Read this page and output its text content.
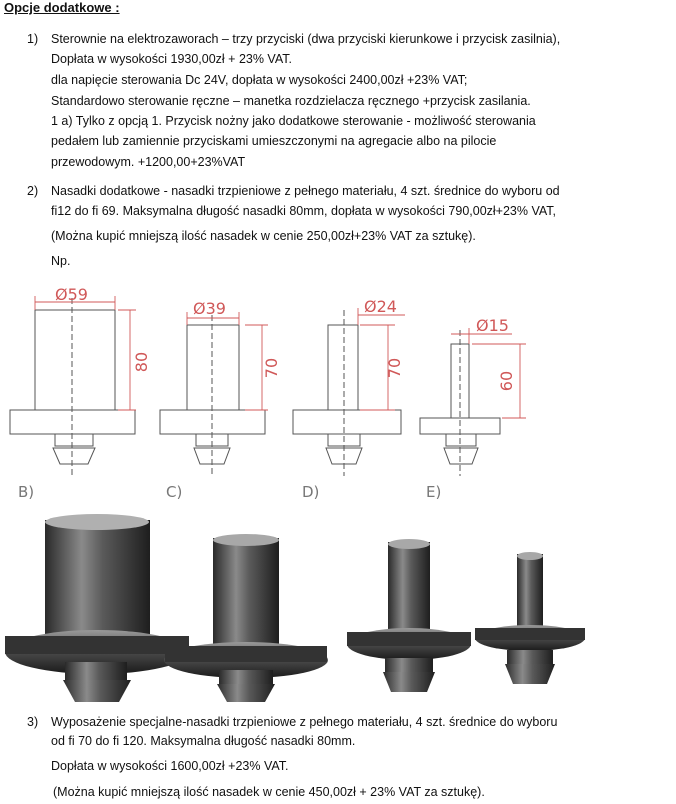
Opcje dodatkowe :
1) Sterownie na elektrozaworach – trzy przyciski (dwa przyciski kierunkowe i przycisk zasilnia),
Dopłata w wysokości 1930,00zł + 23% VAT.
dla napięcie sterowania Dc 24V, dopłata w wysokości 2400,00zł +23% VAT;
Standardowo sterowanie ręczne – manetka rozdzielacza ręcznego +przycisk zasilania.
1 a) Tylko z opcją 1. Przycisk nożny jako dodatkowe sterowanie - możliwość sterowania
pedałem lub zamiennie przyciskami umieszczonymi na agregacie albo na pilocie
przewodowym. +1200,00+23%VAT
2) Nasadki dodatkowe - nasadki trzpieniowe z pełnego materiału, 4 szt. średnice do wyboru od
fi12 do fi 69. Maksymalna długość nasadki 80mm, dopłata w wysokości 790,00zł+23% VAT,
(Można kupić mniejszą ilość nasadek w cenie 250,00zł+23% VAT za sztukę).
Np.
Ø59
80
B)
Ø39
70
C)
Ø24
70
D)
Ø15
60
E)
3) Wyposażenie specjalne-nasadki trzpieniowe z pełnego materiału, 4 szt. średnice do wyboru
od fi 70 do fi 120. Maksymalna długość nasadki 80mm.
Dopłata w wysokości 1600,00zł +23% VAT.
(Można kupić mniejszą ilość nasadek w cenie 450,00zł + 23% VAT za sztukę).
